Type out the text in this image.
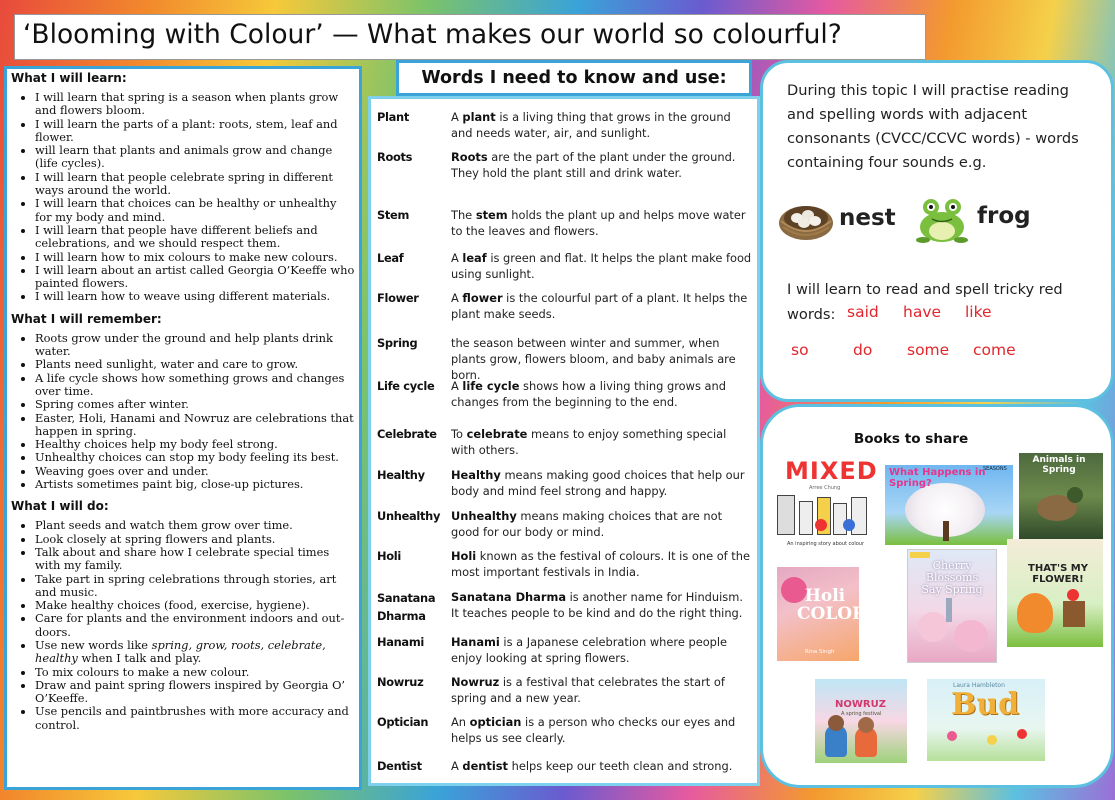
‘Blooming with Colour’ — What makes our world so colourful?

What I will learn:

• I will learn that spring is a season when plants grow and flowers bloom.
• I will learn the parts of a plant: roots, stem, leaf and flower.
• will learn that plants and animals grow and change (life cycles).
• I will learn that people celebrate spring in different ways around the world.
• I will learn that choices can be healthy or unhealthy for my body and mind.
• I will learn that people have different beliefs and celebrations, and we should respect them.
• I will learn how to mix colours to make new colours.
• I will learn about an artist called Georgia O’Keeffe who painted flowers.
• I will learn how to weave using different materials.

What I will remember:

• Roots grow under the ground and help plants drink water.
• Plants need sunlight, water and care to grow.
• A life cycle shows how something grows and changes over time.
• Spring comes after winter.
• Easter, Holi, Hanami and Nowruz are celebrations that happen in spring.
• Healthy choices help my body feel strong.
• Unhealthy choices can stop my body feeling its best.
• Weaving goes over and under.
• Artists sometimes paint big, close-up pictures.

What I will do:

• Plant seeds and watch them grow over time.
• Look closely at spring flowers and plants.
• Talk about and share how I celebrate special times with my family.
• Take part in spring celebrations through stories, art and music.
• Make healthy choices (food, exercise, hygiene).
• Care for plants and the environment indoors and out-doors.
• Use new words like spring, grow, roots, celebrate, healthy when I talk and play.
• To mix colours to make a new colour.
• Draw and paint spring flowers inspired by Georgia O’ O’Keeffe.
• Use pencils and paintbrushes with more accuracy and control.
Words I need to know and use:
Plant	A plant is a living thing that grows in the ground and needs water, air, and sunlight.
Roots	Roots are the part of the plant under the ground. They hold the plant still and drink water.
Stem	The stem holds the plant up and helps move water to the leaves and flowers.
Leaf	A leaf is green and flat. It helps the plant make food using sunlight.
Flower	A flower is the colourful part of a plant. It helps the plant make seeds.
Spring	the season between winter and summer, when plants grow, flowers bloom, and baby animals are born.
Life cycle	A life cycle shows how a living thing grows and changes from the beginning to the end.
Celebrate	To celebrate means to enjoy something special with others.
Healthy	Healthy means making good choices that help our body and mind feel strong and happy.
Unhealthy Unhealthy means making choices that are not good for our body or mind.
Holi	Holi known as the festival of colours. It is one of the most important festivals in India.
Sanatana Dharma
Sanatana Dharma is another name for Hinduism. It teaches people to be kind and do the right thing.
Hanami	Hanami is a Japanese celebration where people enjoy looking at spring flowers.
Nowruz	Nowruz is a festival that celebrates the start of spring and a new year.
Optician	An optician is a person who checks our eyes and helps us see clearly.
Dentist	A dentist helps keep our teeth clean and strong.
During this topic I will practise reading and spelling words with adjacent consonants (CVCC/CCVC words) - words containing four sounds e.g.
nest	frog
I will learn to read and spell tricky red words: said have like
so	do some come
Books to share
MIXED
Arree Chung
An inspiring story about colour
What Happens in Spring?
SEASONS
Animals in Spring
Holi COLORS
Rina Singh
Cherry Blossoms Say Spring
THAT'S MY FLOWER!
NOWRUZ
A spring festival
Laura Hambleton
Bud
